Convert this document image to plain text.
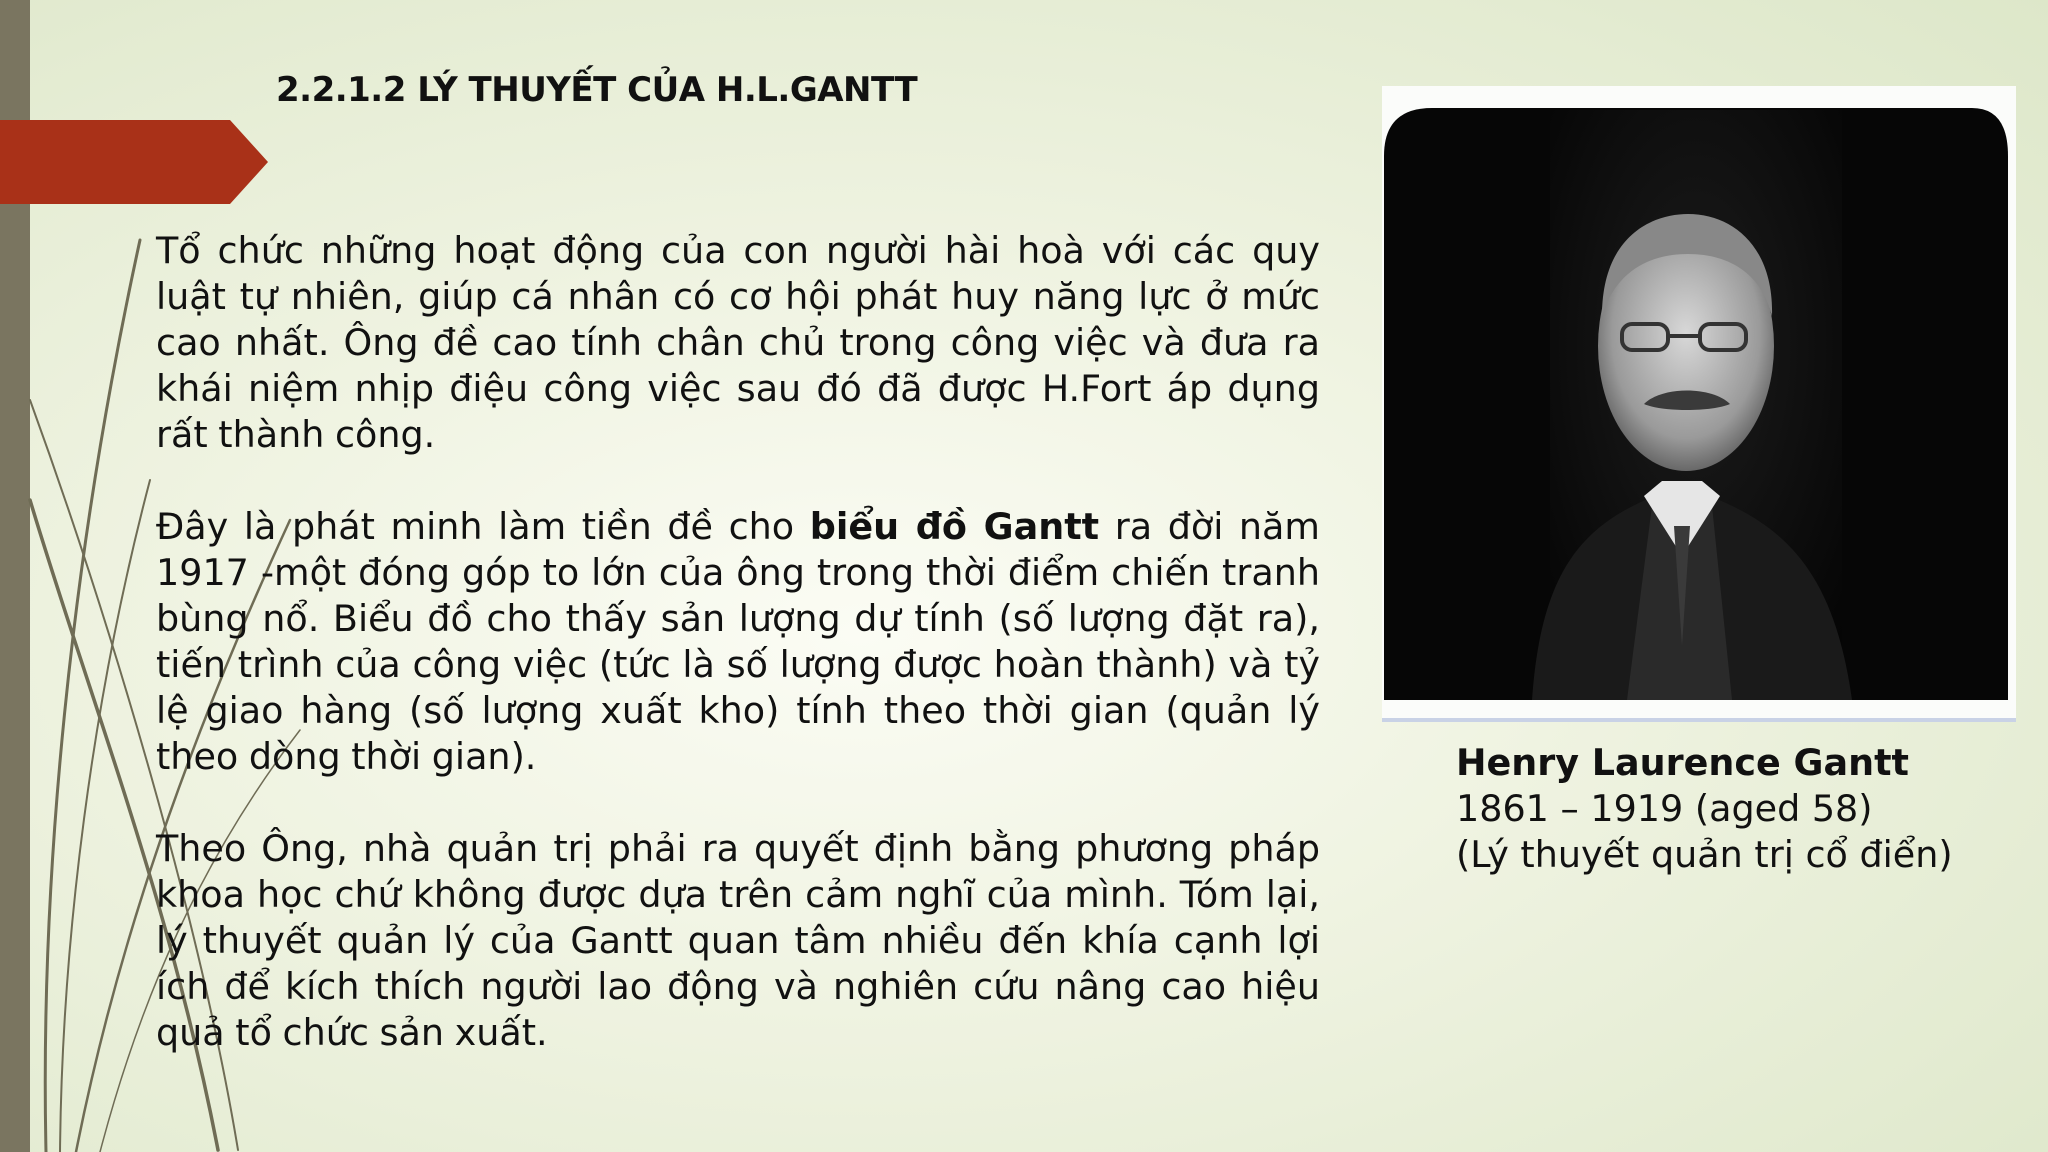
2.2.1.2 LÝ THUYẾT CỦA H.L.GANTT

Tổ chức những hoạt động của con người hài hoà với các quy luật tự nhiên, giúp cá nhân có cơ hội phát huy năng lực ở mức cao nhất. Ông đề cao tính chân chủ trong công việc và đưa ra khái niệm nhịp điệu công việc sau đó đã được H.Fort áp dụng rất thành công.

Đây là phát minh làm tiền đề cho biểu đồ Gantt ra đời năm 1917 -một đóng góp to lớn của ông trong thời điểm chiến tranh bùng nổ. Biểu đồ cho thấy sản lượng dự tính (số lượng đặt ra), tiến trình của công việc (tức là số lượng được hoàn thành) và tỷ lệ giao hàng (số lượng xuất kho) tính theo thời gian (quản lý theo dòng thời gian).

Theo Ông, nhà quản trị phải ra quyết định bằng phương pháp khoa học chứ không được dựa trên cảm nghĩ của mình. Tóm lại, lý thuyết quản lý của Gantt quan tâm nhiều đến khía cạnh lợi ích để kích thích người lao động và nghiên cứu nâng cao hiệu quả tổ chức sản xuất.

Henry Laurence Gantt
1861 – 1919 (aged 58)
(Lý thuyết quản trị cổ điển)
